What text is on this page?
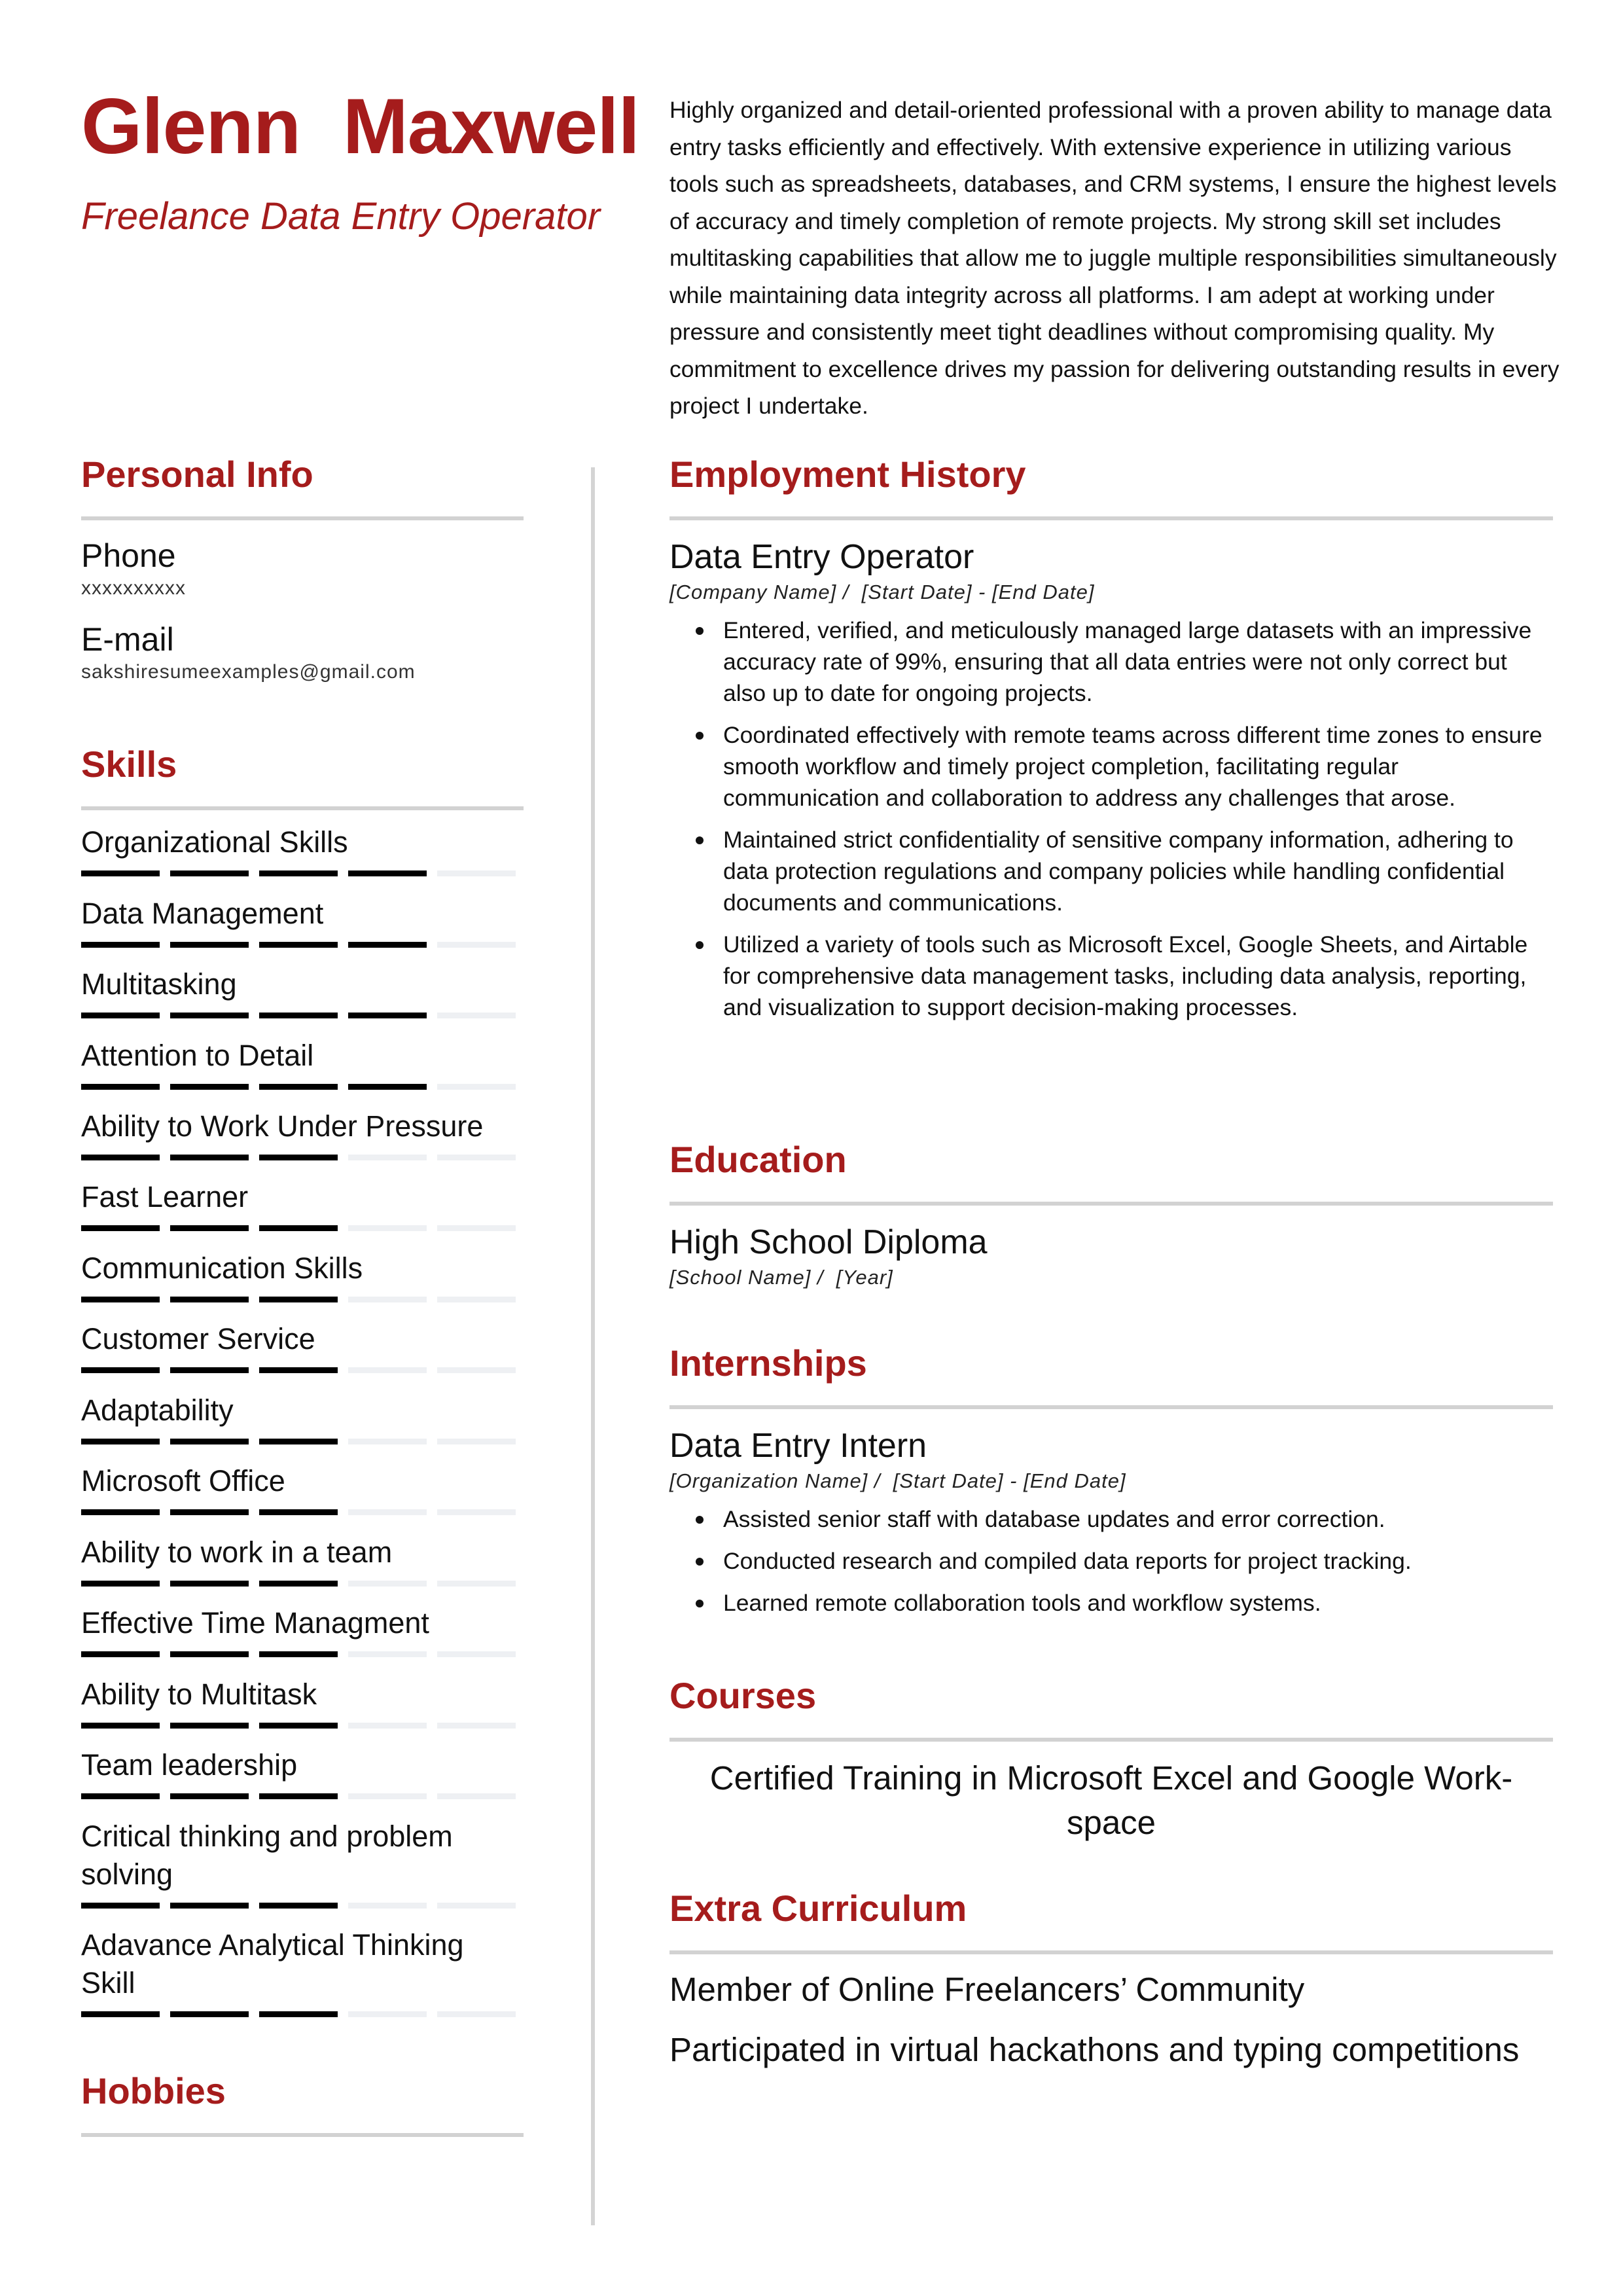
Glenn  Maxwell
Freelance Data Entry Operator
Highly organized and detail-oriented professional with a proven ability to manage data entry tasks efficiently and effectively. With extensive experience in utilizing various tools such as spreadsheets, databases, and CRM systems, I ensure the highest levels of accuracy and timely completion of remote projects. My strong skill set includes multitasking capabilities that allow me to juggle multiple responsibilities simultaneously while maintaining data integrity across all platforms. I am adept at working under pressure and consistently meet tight deadlines without compromising quality. My commitment to excellence drives my passion for delivering outstanding results in every project I undertake.
Personal Info
Phone
xxxxxxxxxx
E-mail
sakshiresumeexamples@gmail.com
Skills
Organizational Skills
Data Management
Multitasking
Attention to Detail
Ability to Work Under Pressure
Fast Learner
Communication Skills
Customer Service
Adaptability
Microsoft Office
Ability to work in a team
Effective Time Managment
Ability to Multitask
Team leadership
Critical thinking and problem solving
Adavance Analytical Thinking Skill
Hobbies
Employment History
Data Entry Operator
[Company Name] /  [Start Date] - [End Date]
Entered, verified, and meticulously managed large datasets with an impressive accuracy rate of 99%, ensuring that all data entries were not only correct but also up to date for ongoing projects.
Coordinated effectively with remote teams across different time zones to ensure smooth workflow and timely project completion, facilitating regular communication and collaboration to address any challenges that arose.
Maintained strict confidentiality of sensitive company information, adhering to data protection regulations and company policies while handling confidential documents and communications.
Utilized a variety of tools such as Microsoft Excel, Google Sheets, and Airtable for comprehensive data management tasks, including data analysis, reporting, and visualization to support decision-making processes.
Education
High School Diploma
[School Name] /  [Year]
Internships
Data Entry Intern
[Organization Name] /  [Start Date] - [End Date]
Assisted senior staff with database updates and error correction.
Conducted research and compiled data reports for project tracking.
Learned remote collaboration tools and workflow systems.
Courses
Certified Training in Microsoft Excel and Google Work- space
Extra Curriculum
Member of Online Freelancers’ Community
Participated in virtual hackathons and typing competitions
